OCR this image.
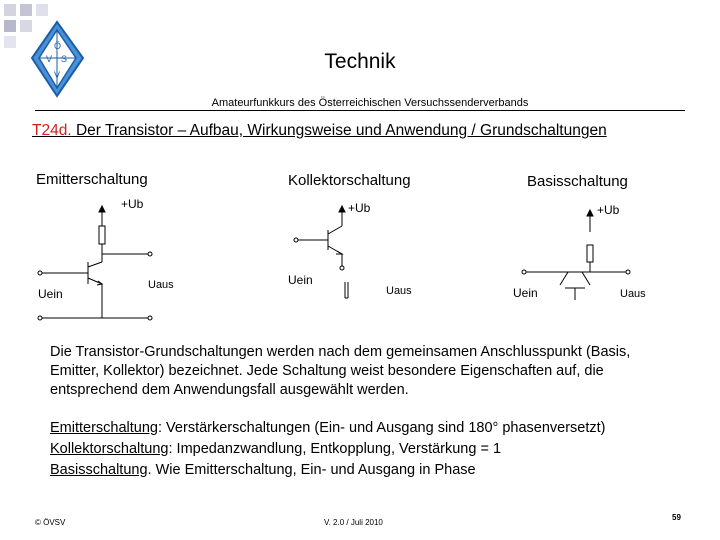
V S
Ö
V
Technik
Amateurfunkkurs des Österreichischen Versuchssenderverbands
T24d. Der Transistor – Aufbau, Wirkungsweise und Anwendung / Grundschaltungen
Emitterschaltung	Kollektorschaltung	Basisschaltung
+Ub
Uein
Uaus
+Ub
Uein
Uaus
+Ub
Uein	Uaus
Die Transistor-Grundschaltungen werden nach dem gemeinsamen Anschlusspunkt (Basis, Emitter, Kollektor) bezeichnet. Jede Schaltung weist besondere Eigenschaften auf, die entsprechend dem Anwendungsfall ausgewählt werden.
Emitterschaltung: Verstärkerschaltungen (Ein- und Ausgang sind 180° phasenversetzt)
Kollektorschaltung: Impedanzwandlung, Entkopplung, Verstärkung = 1
Basisschaltung. Wie Emitterschaltung, Ein- und Ausgang in Phase
© ÖVSV	V. 2.0 / Juli 2010
59
